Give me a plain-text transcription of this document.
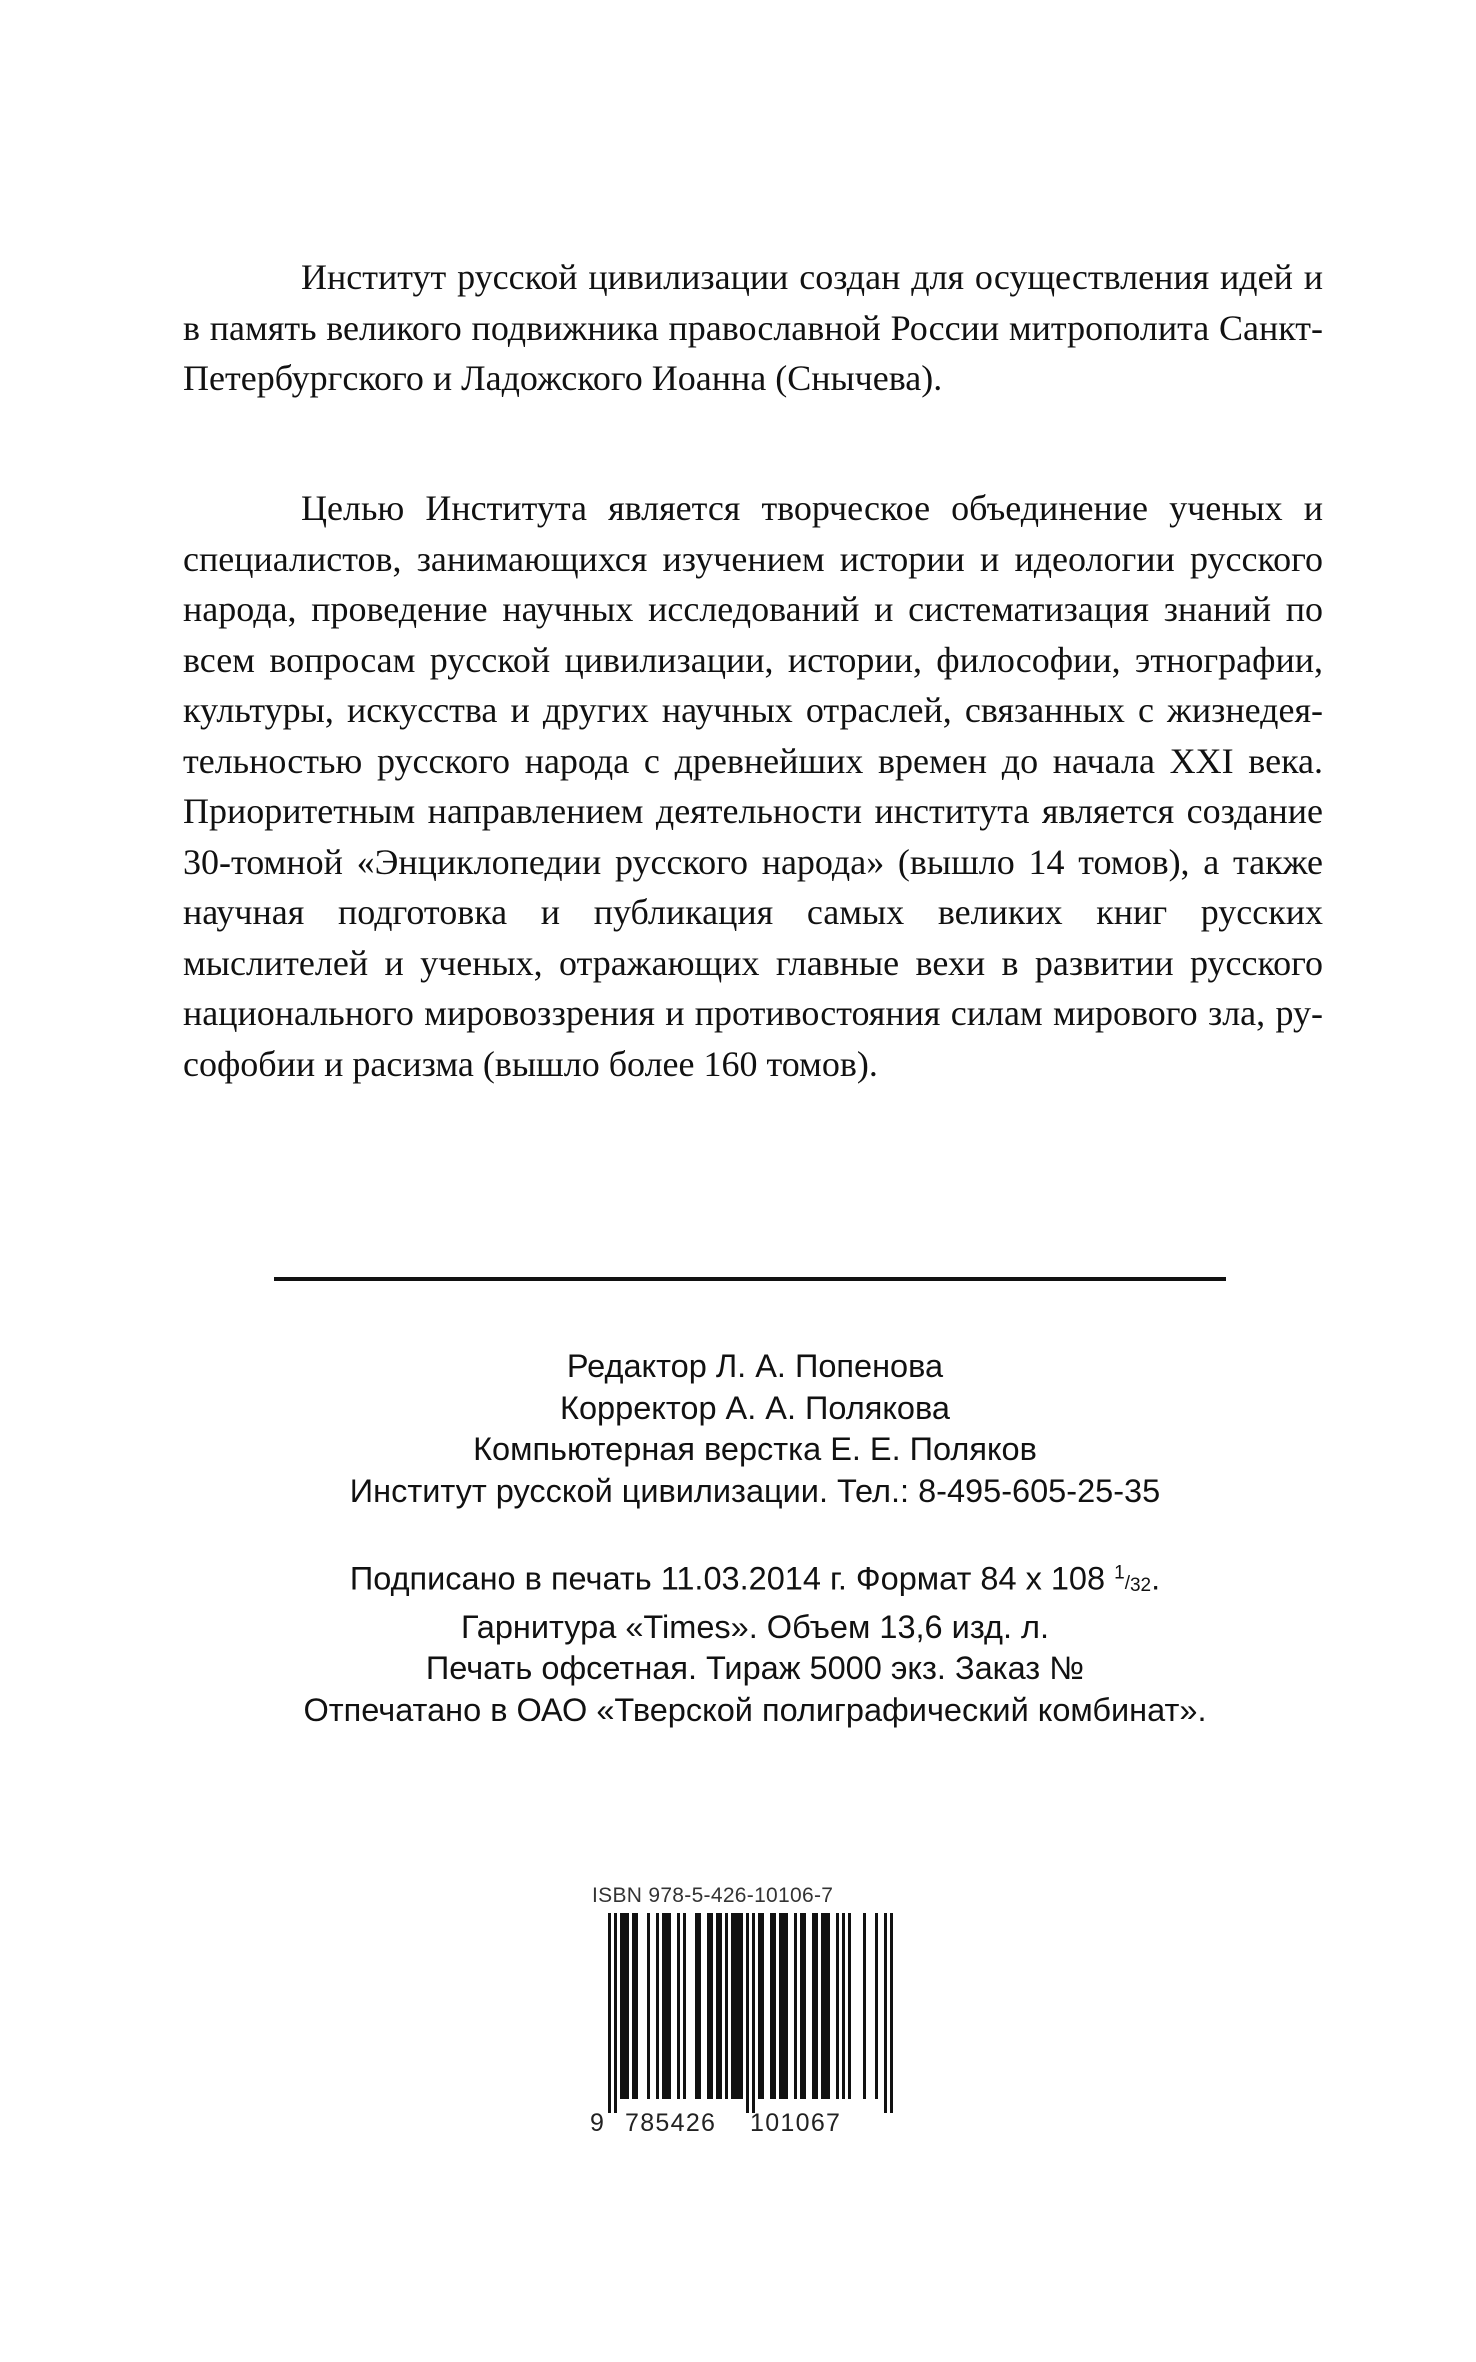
Институт русской цивилизации создан для осуществления идей и в память великого подвижника православной России митрополита Санкт-Петербургского и Ладожского Иоанна (Снычева).

Целью Института является творческое объединение ученых и специалистов, занимающихся изучением истории и идеологии русского народа, проведение научных исследований и систематизация знаний по всем вопросам русской цивилизации, истории, философии, этнографии, культуры, искусства и других научных отраслей, связанных с жизнедеятельностью русского народа с древнейших времен до начала XXI века. Приоритетным направлением деятельности института является создание 30-томной «Энциклопедии русского народа» (вышло 14 томов), а также научная подготовка и публикация самых великих книг русских мыслителей и ученых, отражающих главные вехи в развитии русского национального мировоззрения и противостояния силам мирового зла, русофобии и расизма (вышло более 160 томов).

Редактор Л. А. Попенова
Корректор А. А. Полякова
Компьютерная верстка Е. Е. Поляков
Институт русской цивилизации. Тел.: 8-495-605-25-35
Подписано в печать 11.03.2014 г. Формат 84 x 108 $^1/_{32}$.
Гарнитура «Times». Объем 13,6 изд. л.
Печать офсетная. Тираж 5000 экз. Заказ №
Отпечатано в ОАО «Тверской полиграфический комбинат».
ISBN 978-5-426-10106-7
9 785426 101067
